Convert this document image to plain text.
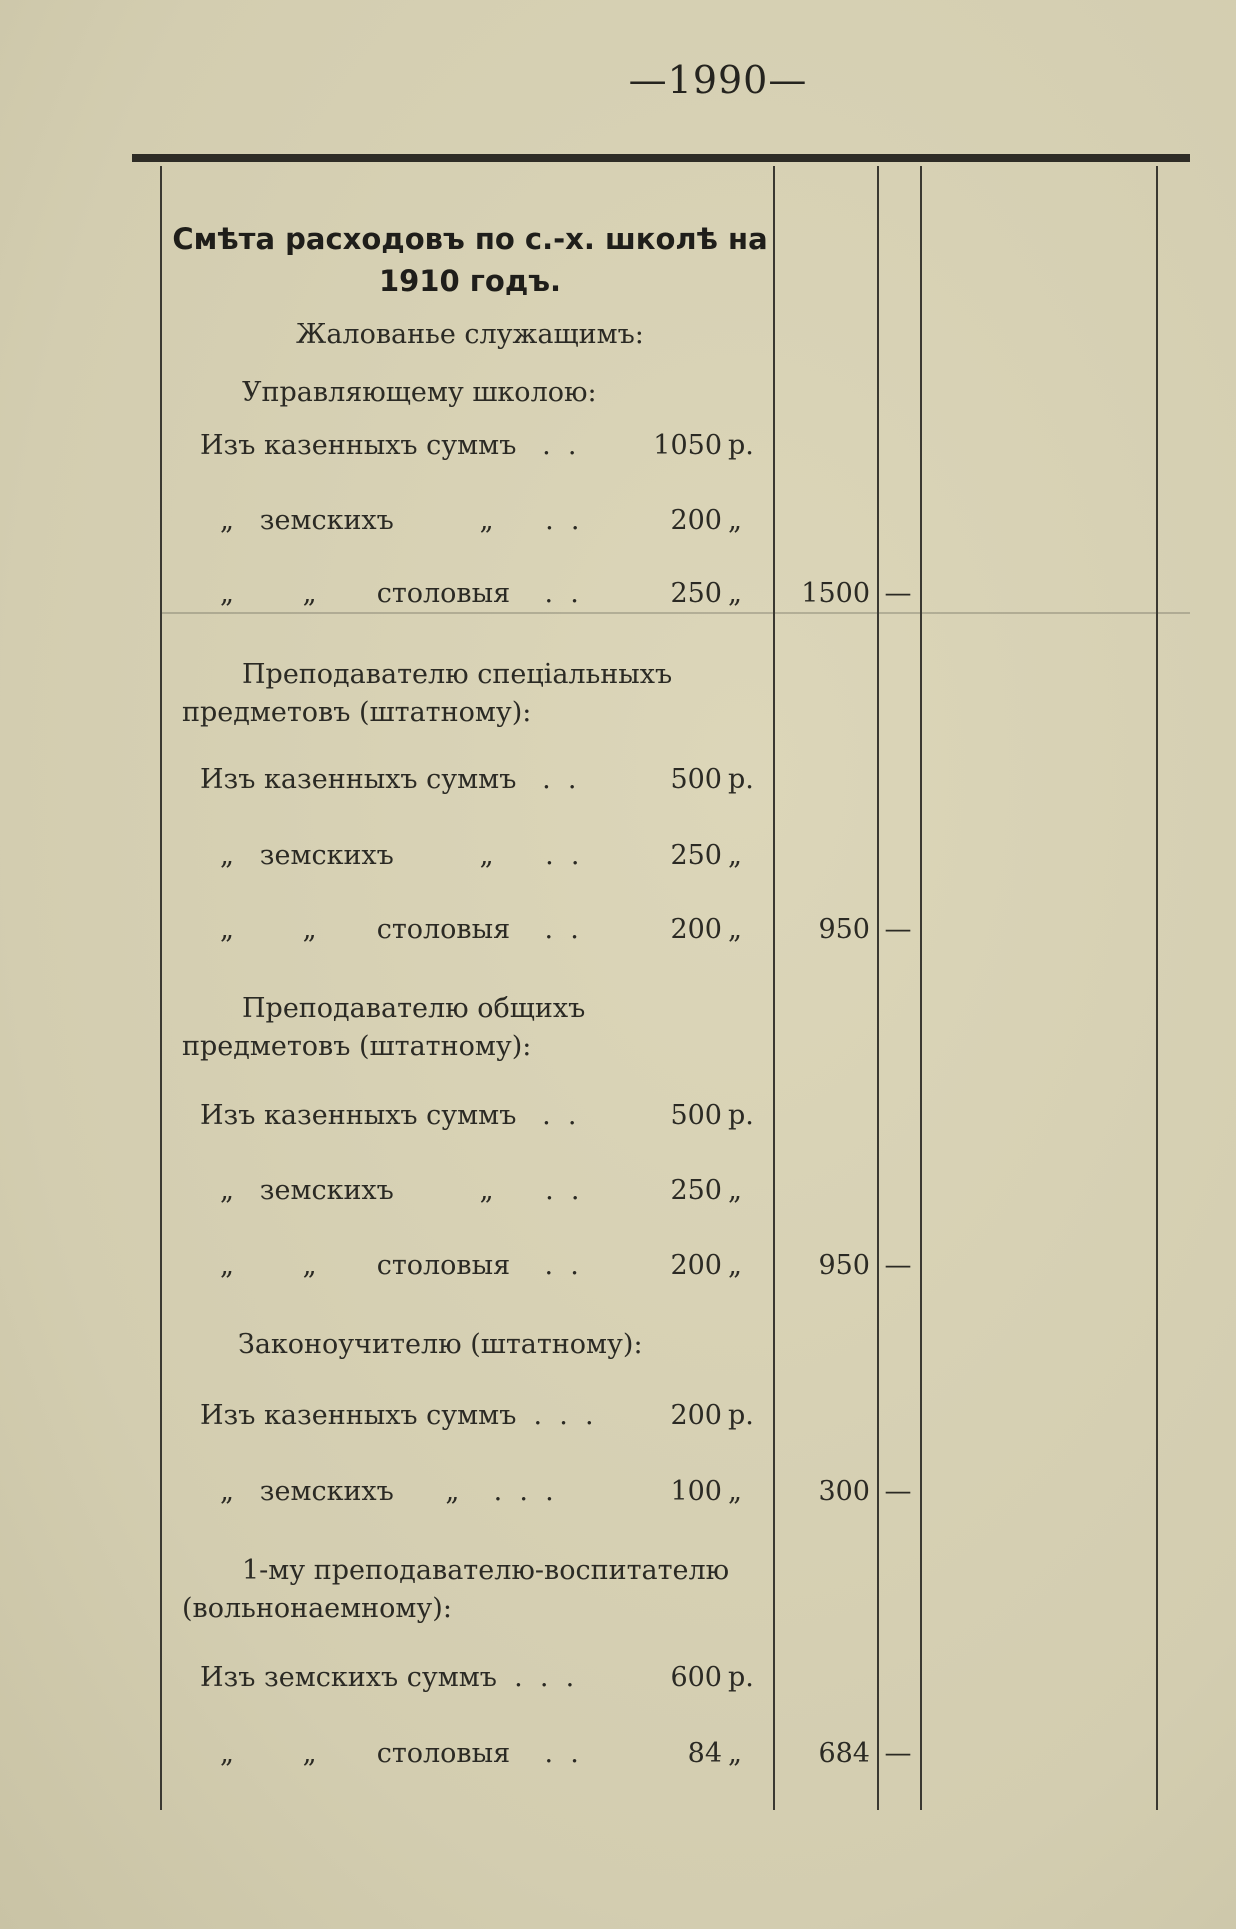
—1990—
Смѣта расходовъ по с.-х. школѣ на 1910 годъ.
Жалованье служащимъ:
Управляющему школою:
Изъ казенныхъ суммъ   .  .	1050 р.
„   земскихъ          „      .  .	200 „
„        „       столовыя    .  .	250 „	1500 —
Преподавателю спеціальныхъ предметовъ (штатному):
Изъ казенныхъ суммъ   .  .	500 р.
„   земскихъ          „      .  .	250 „
„        „       столовыя    .  .	200 „	950 —
Преподавателю общихъ предметовъ (штатному):
Изъ казенныхъ суммъ   .  .	500 р.
„   земскихъ          „      .  .	250 „
„        „       столовыя    .  .	200 „	950 —
Законоучителю (штатному):
Изъ казенныхъ суммъ  .  .  .	200 р.
„   земскихъ      „    .  .  .	100 „	300 —
1-му преподавателю-воспитателю (вольнонаемному):
Изъ земскихъ суммъ  .  .  .	600 р.
„        „       столовыя    .  .	84 „	684 —
